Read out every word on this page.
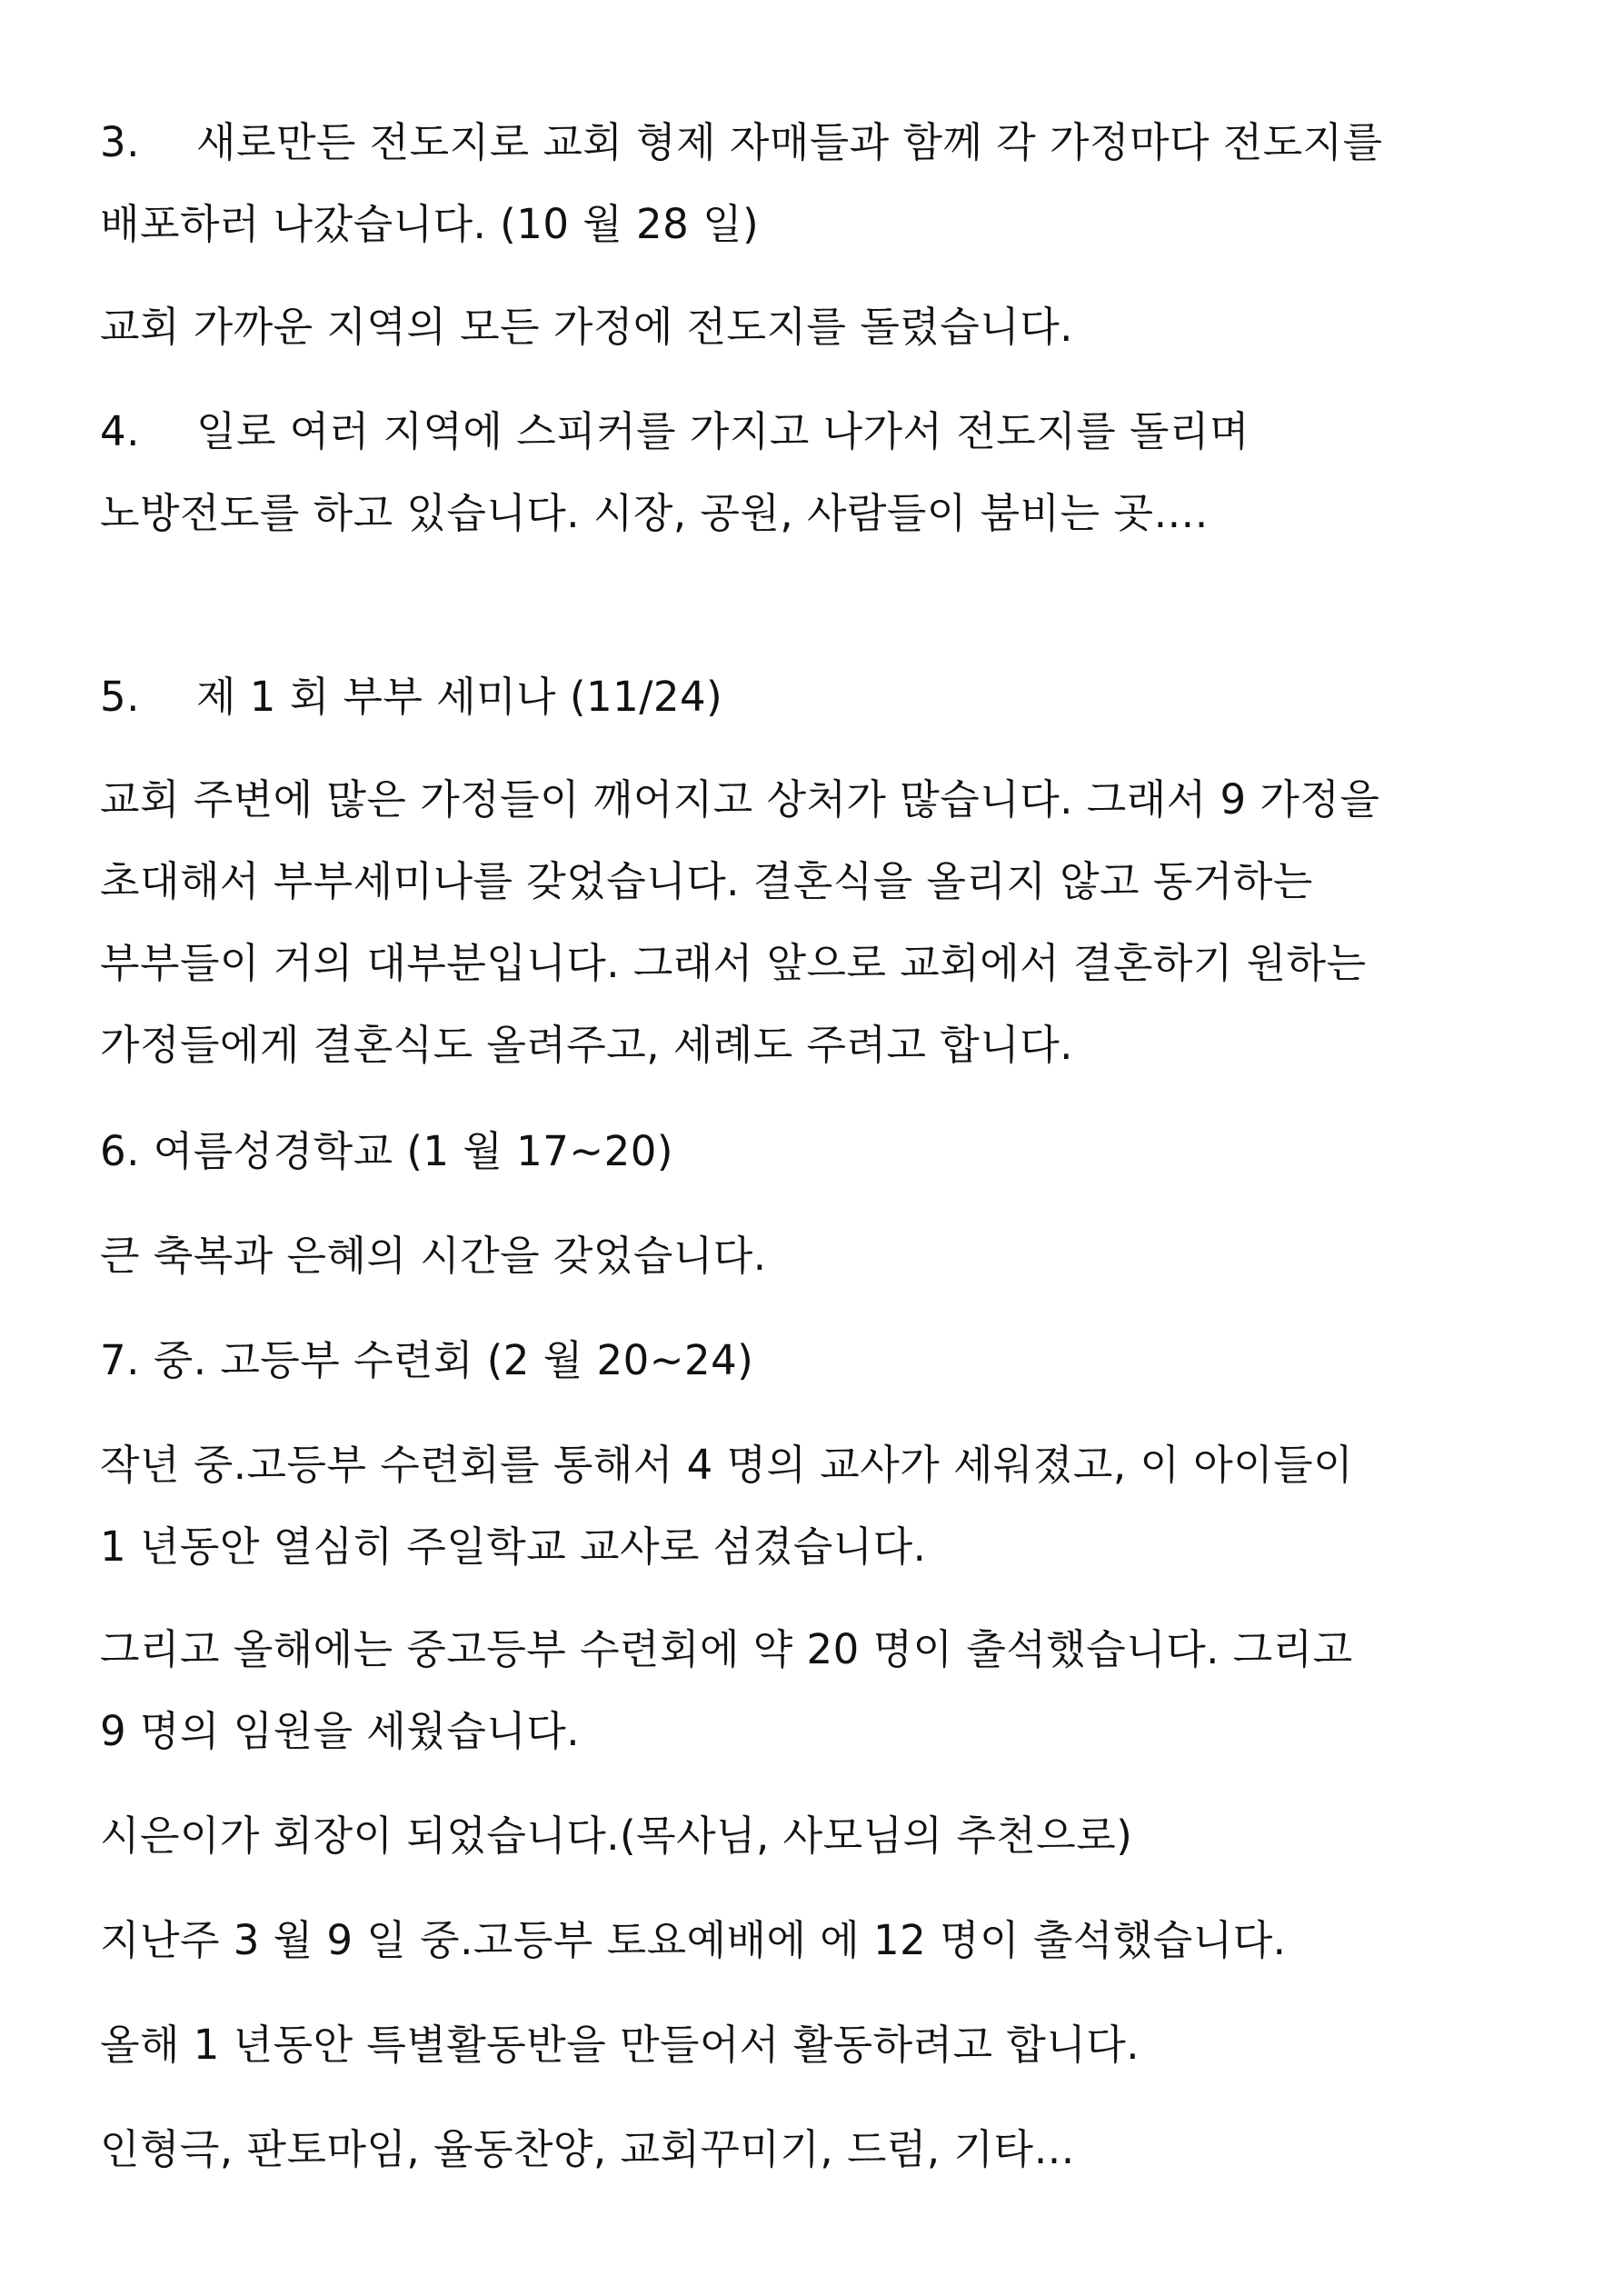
3. 새로만든 전도지로 교회 형제 자매들과 함께 각 가정마다 전도지를
배포하러 나갔습니다. (10 월 28 일)
교회 가까운 지역의 모든 가정에 전도지를 돌렸습니다.
4. 일로 여러 지역에 스피커를 가지고 나가서 전도지를 돌리며
노방전도를 하고 있습니다. 시장, 공원, 사람들이 붐비는 곳….
5. 제 1 회 부부 세미나 (11/24)
교회 주변에 많은 가정들이 깨어지고 상처가 많습니다. 그래서 9 가정을
초대해서 부부세미나를 갖었습니다. 결혼식을 올리지 않고 동거하는
부부들이 거의 대부분입니다. 그래서 앞으로 교회에서 결혼하기 원하는
가정들에게 결혼식도 올려주고, 세례도 주려고 합니다.
6. 여름성경학교 (1 월 17~20)
큰 축복과 은혜의 시간을 갖었습니다.
7. 중. 고등부 수련회 (2 월 20~24)
작년 중.고등부 수련회를 통해서 4 명의 교사가 세워졌고, 이 아이들이
1 년동안 열심히 주일학교 교사로 섬겼습니다.
그리고 올해에는 중고등부 수련회에 약 20 명이 출석했습니다. 그리고
9 명의 임원을 세웠습니다.
시은이가 회장이 되었습니다.(목사님, 사모님의 추천으로)
지난주 3 월 9 일 중.고등부 토요예배에 에 12 명이 출석했습니다.
올해 1 년동안 특별활동반을 만들어서 활동하려고 합니다.
인형극, 판토마임, 율동찬양, 교회꾸미기, 드럼, 기타…
